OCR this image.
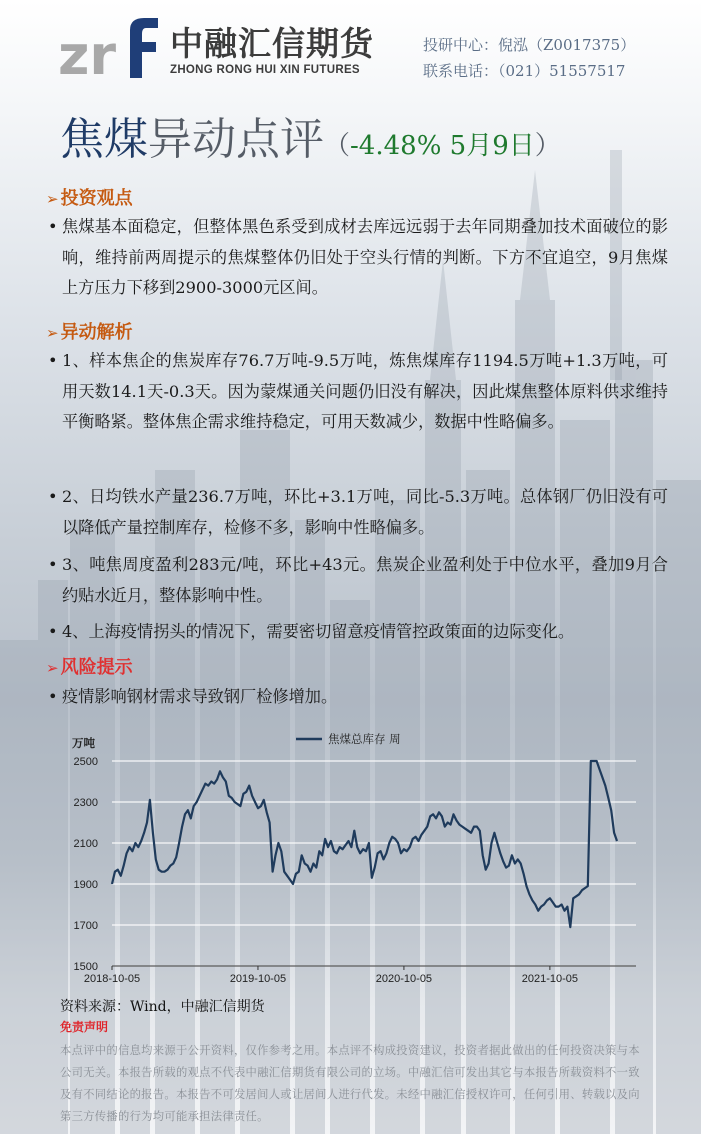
zr 中融汇信期货
ZHONG RONG HUI XIN FUTURES
投研中心：倪泓（Z0017375）
联系电话：（021）51557517
焦煤异动点评（-4.48% 5月9日）
➢ 投资观点
• 焦煤基本面稳定，但整体黑色系受到成材去库远远弱于去年同期叠加技术面破位的影响，维持前两周提示的焦煤整体仍旧处于空头行情的判断。下方不宜追空，9月焦煤上方压力下移到2900-3000元区间。
➢ 异动解析
• 1、样本焦企的焦炭库存76.7万吨-9.5万吨，炼焦煤库存1194.5万吨+1.3万吨，可用天数14.1天-0.3天。因为蒙煤通关问题仍旧没有解决，因此煤焦整体原料供求维持平衡略紧。整体焦企需求维持稳定，可用天数减少，数据中性略偏多。
• 2、日均铁水产量236.7万吨，环比+3.1万吨，同比-5.3万吨。总体钢厂仍旧没有可以降低产量控制库存，检修不多，影响中性略偏多。
• 3、吨焦周度盈利283元/吨，环比+43元。焦炭企业盈利处于中位水平，叠加9月合约贴水近月，整体影响中性。
• 4、上海疫情拐头的情况下，需要密切留意疫情管控政策面的边际变化。
➢ 风险提示
• 疫情影响钢材需求导致钢厂检修增加。
1500
1700
1900
2100
2300
2500
2018-10-05	2019-10-05	2020-10-05	2021-10-05
万吨	焦煤总库存 周
资料来源：Wind，中融汇信期货
免责声明
本点评中的信息均来源于公开资料，仅作参考之用。本点评不构成投资建议，投资者据此做出的任何投资决策与本公司无关。本报告所载的观点不代表中融汇信期货有限公司的立场。中融汇信可发出其它与本报告所载资料不一致及有不同结论的报告。本报告不可发居间人或让居间人进行代发。未经中融汇信授权许可，任何引用、转载以及向第三方传播的行为均可能承担法律责任。
